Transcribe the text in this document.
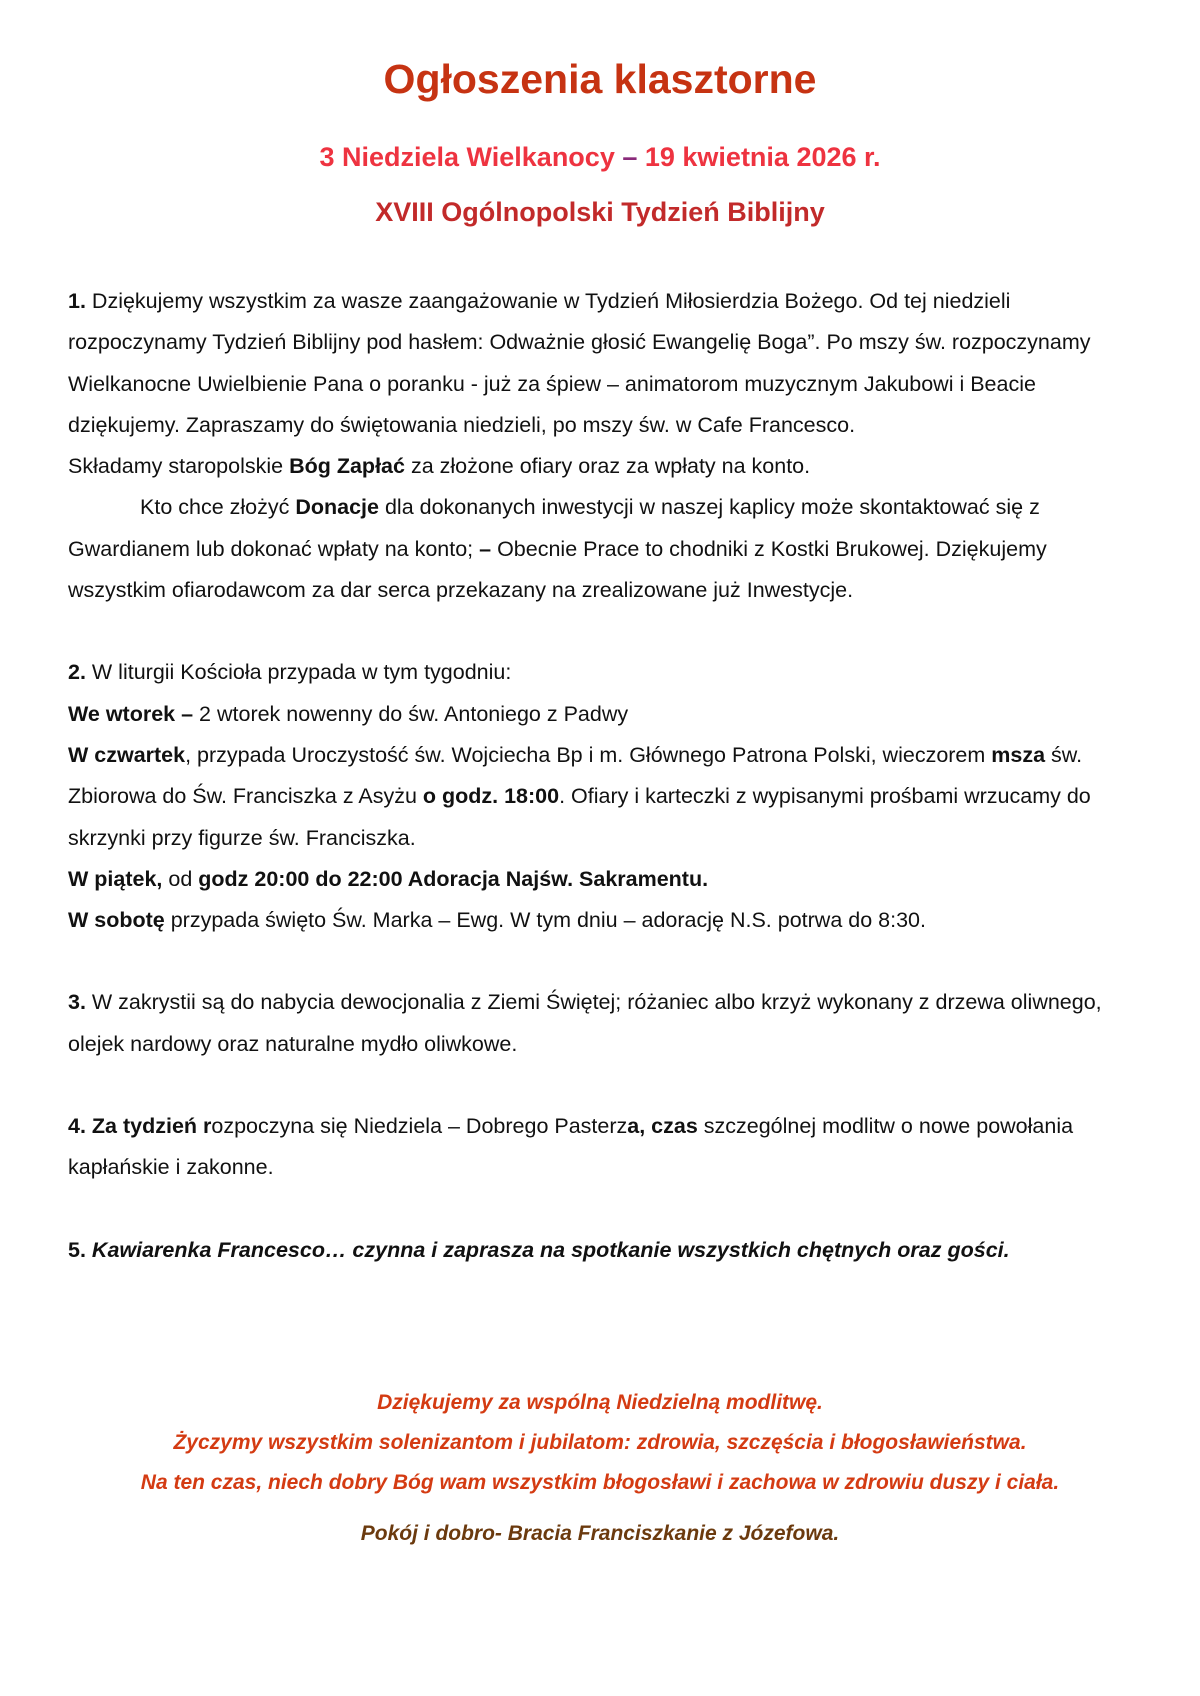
Ogłoszenia klasztorne
3 Niedziela Wielkanocy – 19 kwietnia 2026 r.
XVIII Ogólnopolski Tydzień Biblijny

1. Dziękujemy wszystkim za wasze zaangażowanie w Tydzień Miłosierdzia Bożego. Od tej niedzieli rozpoczynamy Tydzień Biblijny pod hasłem: Odważnie głosić Ewangelię Boga”. Po mszy św. rozpoczynamy Wielkanocne Uwielbienie Pana o poranku - już za śpiew – animatorom muzycznym Jakubowi i Beacie dziękujemy. Zapraszamy do świętowania niedzieli, po mszy św. w Cafe Francesco.

Składamy staropolskie Bóg Zapłać za złożone ofiary oraz za wpłaty na konto.

Kto chce złożyć Donacje dla dokonanych inwestycji w naszej kaplicy może skontaktować się z Gwardianem lub dokonać wpłaty na konto; – Obecnie Prace to chodniki z Kostki Brukowej. Dziękujemy wszystkim ofiarodawcom za dar serca przekazany na zrealizowane już Inwestycje.

2. W liturgii Kościoła przypada w tym tygodniu:

We wtorek – 2 wtorek nowenny do św. Antoniego z Padwy

W czwartek, przypada Uroczystość św. Wojciecha Bp i m. Głównego Patrona Polski, wieczorem msza św. Zbiorowa do Św. Franciszka z Asyżu o godz. 18:00. Ofiary i karteczki z wypisanymi prośbami wrzucamy do skrzynki przy figurze św. Franciszka.

W piątek, od godz 20:00 do 22:00 Adoracja Najśw. Sakramentu.

W sobotę przypada święto Św. Marka – Ewg. W tym dniu – adorację N.S. potrwa do 8:30.

3. W zakrystii są do nabycia dewocjonalia z Ziemi Świętej; różaniec albo krzyż wykonany z drzewa oliwnego, olejek nardowy oraz naturalne mydło oliwkowe.

4. Za tydzień rozpoczyna się Niedziela – Dobrego Pasterza, czas szczególnej modlitw o nowe powołania kapłańskie i zakonne.

5. Kawiarenka Francesco… czynna i zaprasza na spotkanie wszystkich chętnych oraz gości.

Dziękujemy za wspólną Niedzielną modlitwę.

Życzymy wszystkim solenizantom i jubilatom: zdrowia, szczęścia i błogosławieństwa.

Na ten czas, niech dobry Bóg wam wszystkim błogosławi i zachowa w zdrowiu duszy i ciała.

Pokój i dobro- Bracia Franciszkanie z Józefowa.
